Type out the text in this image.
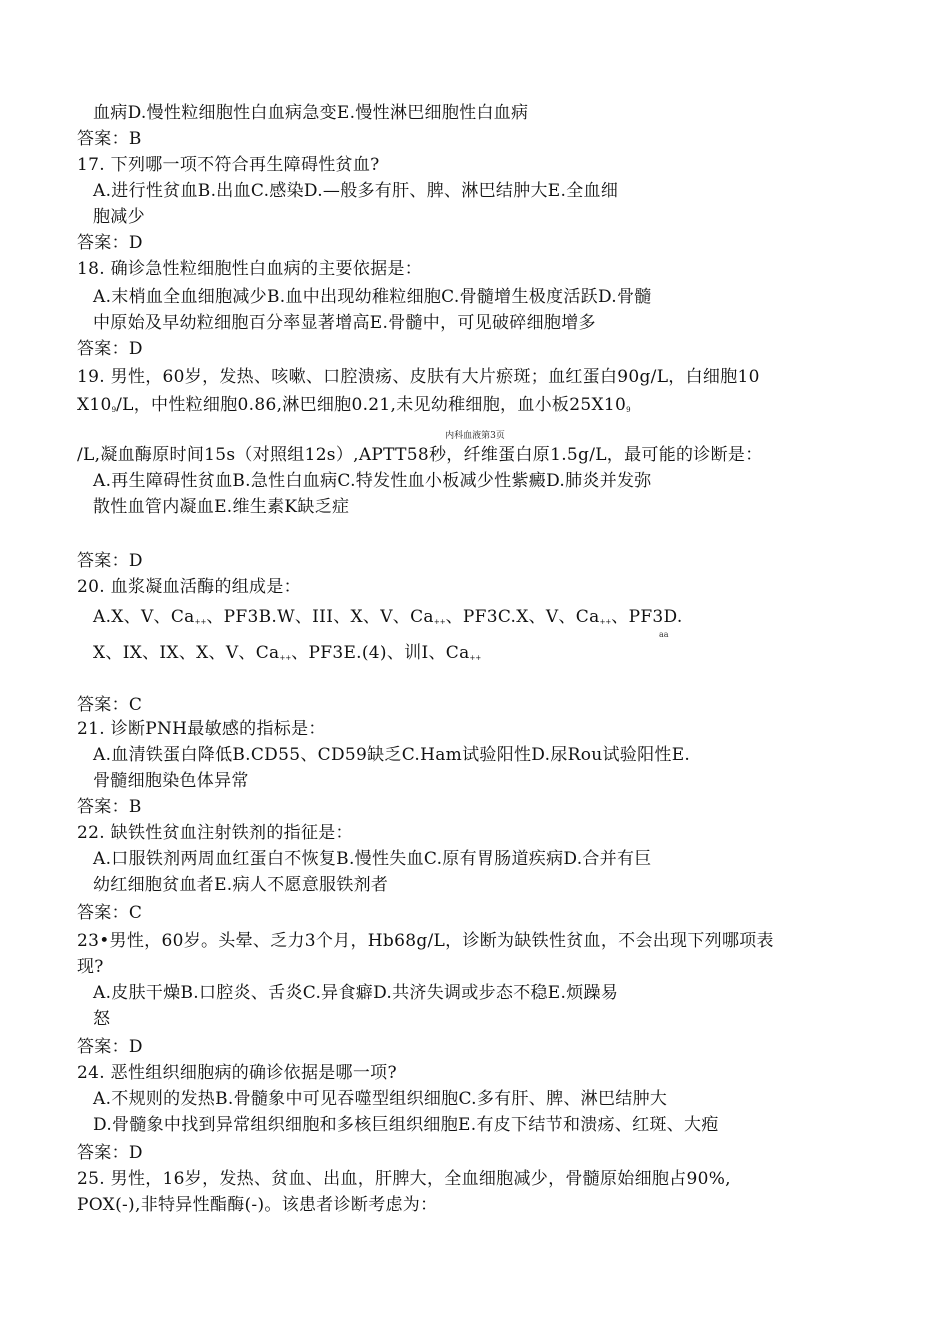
血病D.慢性粒细胞性白血病急变E.慢性淋巴细胞性白血病
答案：B
17. 下列哪一项不符合再生障碍性贫血?
A.进行性贫血B.出血C.感染D.—般多有肝、脾、淋巴结肿大E.全血细
胞减少
答案：D
18. 确诊急性粒细胞性白血病的主要依据是：
A.末梢血全血细胞减少B.血中出现幼稚粒细胞C.骨髓增生极度活跃D.骨髓
中原始及早幼粒细胞百分率显著增高E.骨髓中，可见破碎细胞增多
答案：D
19. 男性，60岁，发热、咳嗽、口腔溃疡、皮肤有大片瘀斑；血红蛋白90g/L，白细胞10
$X10_9/L$，中性粒细胞0.86,淋巴细胞0.21,未见幼稚细胞，血小板$25X10_9$
内科血液第3页
/L,凝血酶原时间15s（对照组12s）,APTT58秒，纤维蛋白原1.5g/L，最可能的诊断是：
A.再生障碍性贫血B.急性白血病C.特发性血小板减少性紫癜D.肺炎并发弥
散性血管内凝血E.维生素K缺乏症
答案：D
20. 血浆凝血活酶的组成是：
A.X、V、$Ca_{++}$、PF3B.W、III、X、V、$Ca_{++}$、PF3C.X、V、$Ca_{++}$、PF3D.
aa
X、IX、IX、X、V、$Ca_{++}$、PF3E.(4)、训I、$Ca_{++}$
答案：C
21. 诊断PNH最敏感的指标是：
A.血清铁蛋白降低B.CD55、CD59缺乏C.Ham试验阳性D.尿Rou试验阳性E.
骨髓细胞染色体异常
答案：B
22. 缺铁性贫血注射铁剂的指征是：
A.口服铁剂两周血红蛋白不恢复B.慢性失血C.原有胃肠道疾病D.合并有巨
幼红细胞贫血者E.病人不愿意服铁剂者
答案：C
23•男性，60岁。头晕、乏力3个月，Hb68g/L，诊断为缺铁性贫血，不会出现下列哪项表
现?
A.皮肤干燥B.口腔炎、舌炎C.异食癖D.共济失调或步态不稳E.烦躁易
怒
答案：D
24. 恶性组织细胞病的确诊依据是哪一项?
A.不规则的发热B.骨髓象中可见吞噬型组织细胞C.多有肝、脾、淋巴结肿大
D.骨髓象中找到异常组织细胞和多核巨组织细胞E.有皮下结节和溃疡、红斑、大疱
答案：D
25. 男性，16岁，发热、贫血、出血，肝脾大，全血细胞减少，骨髓原始细胞占90%,
POX(-),非特异性酯酶(-)。该患者诊断考虑为：
